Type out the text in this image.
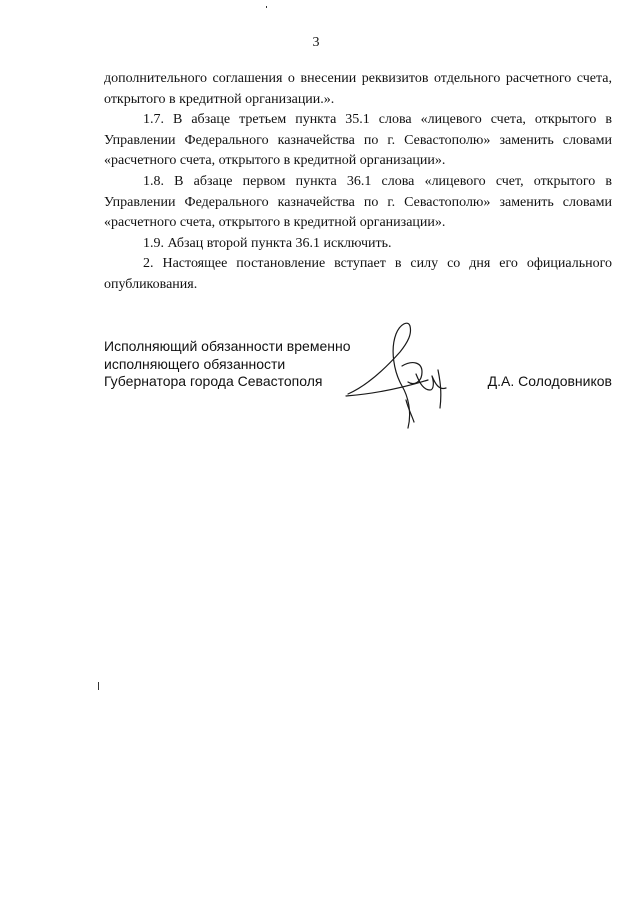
3

дополнительного соглашения о внесении реквизитов отдельного расчетного счета, открытого в кредитной организации.».

1.7. В абзаце третьем пункта 35.1 слова «лицевого счета, открытого в Управлении Федерального казначейства по г. Севастополю» заменить словами «расчетного счета, открытого в кредитной организации».

1.8. В абзаце первом пункта 36.1 слова «лицевого счет, открытого в Управлении Федерального казначейства по г. Севастополю» заменить словами «расчетного счета, открытого в кредитной организации».

1.9. Абзац второй пункта 36.1 исключить.

2. Настоящее постановление вступает в силу со дня его официального опубликования.

Исполняющий обязанности временно
исполняющего обязанности
Губернатора города Севастополя	Д.А. Солодовников
